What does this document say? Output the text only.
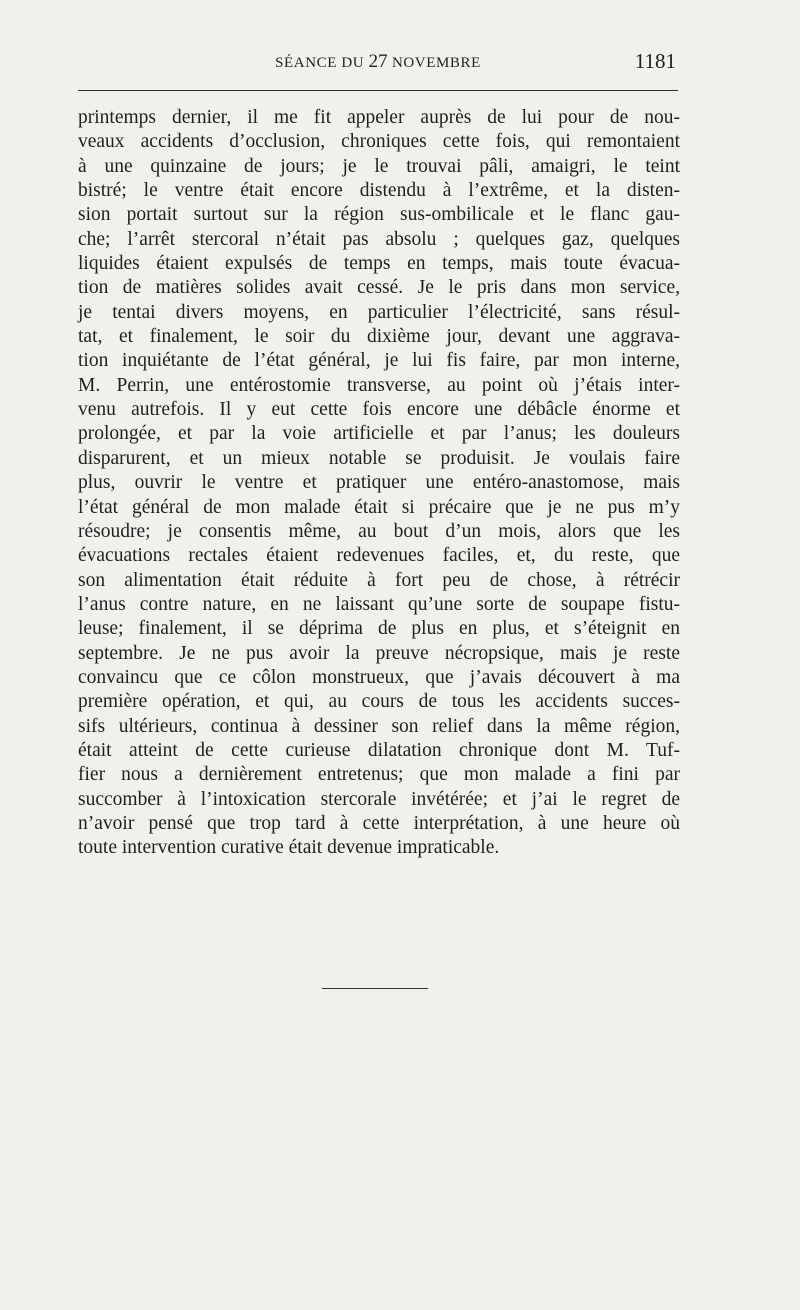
SÉANCE DU 27 NOVEMBRE	1181
printemps dernier, il me fit appeler auprès de lui pour de nou-
veaux accidents d’occlusion, chroniques cette fois, qui remontaient
à une quinzaine de jours; je le trouvai pâli, amaigri, le teint
bistré; le ventre était encore distendu à l’extrême, et la disten-
sion portait surtout sur la région sus-ombilicale et le flanc gau-
che; l’arrêt stercoral n’était pas absolu ; quelques gaz, quelques
liquides étaient expulsés de temps en temps, mais toute évacua-
tion de matières solides avait cessé. Je le pris dans mon service,
je tentai divers moyens, en particulier l’électricité, sans résul-
tat, et finalement, le soir du dixième jour, devant une aggrava-
tion inquiétante de l’état général, je lui fis faire, par mon interne,
M. Perrin, une entérostomie transverse, au point où j’étais inter-
venu autrefois. Il y eut cette fois encore une débâcle énorme et
prolongée, et par la voie artificielle et par l’anus; les douleurs
disparurent, et un mieux notable se produisit. Je voulais faire
plus, ouvrir le ventre et pratiquer une entéro-anastomose, mais
l’état général de mon malade était si précaire que je ne pus m’y
résoudre; je consentis même, au bout d’un mois, alors que les
évacuations rectales étaient redevenues faciles, et, du reste, que
son alimentation était réduite à fort peu de chose, à rétrécir
l’anus contre nature, en ne laissant qu’une sorte de soupape fistu-
leuse; finalement, il se déprima de plus en plus, et s’éteignit en
septembre. Je ne pus avoir la preuve nécropsique, mais je reste
convaincu que ce côlon monstrueux, que j’avais découvert à ma
première opération, et qui, au cours de tous les accidents succes-
sifs ultérieurs, continua à dessiner son relief dans la même région,
était atteint de cette curieuse dilatation chronique dont M. Tuf-
fier nous a dernièrement entretenus; que mon malade a fini par
succomber à l’intoxication stercorale invétérée; et j’ai le regret de
n’avoir pensé que trop tard à cette interprétation, à une heure où
toute intervention curative était devenue impraticable.
